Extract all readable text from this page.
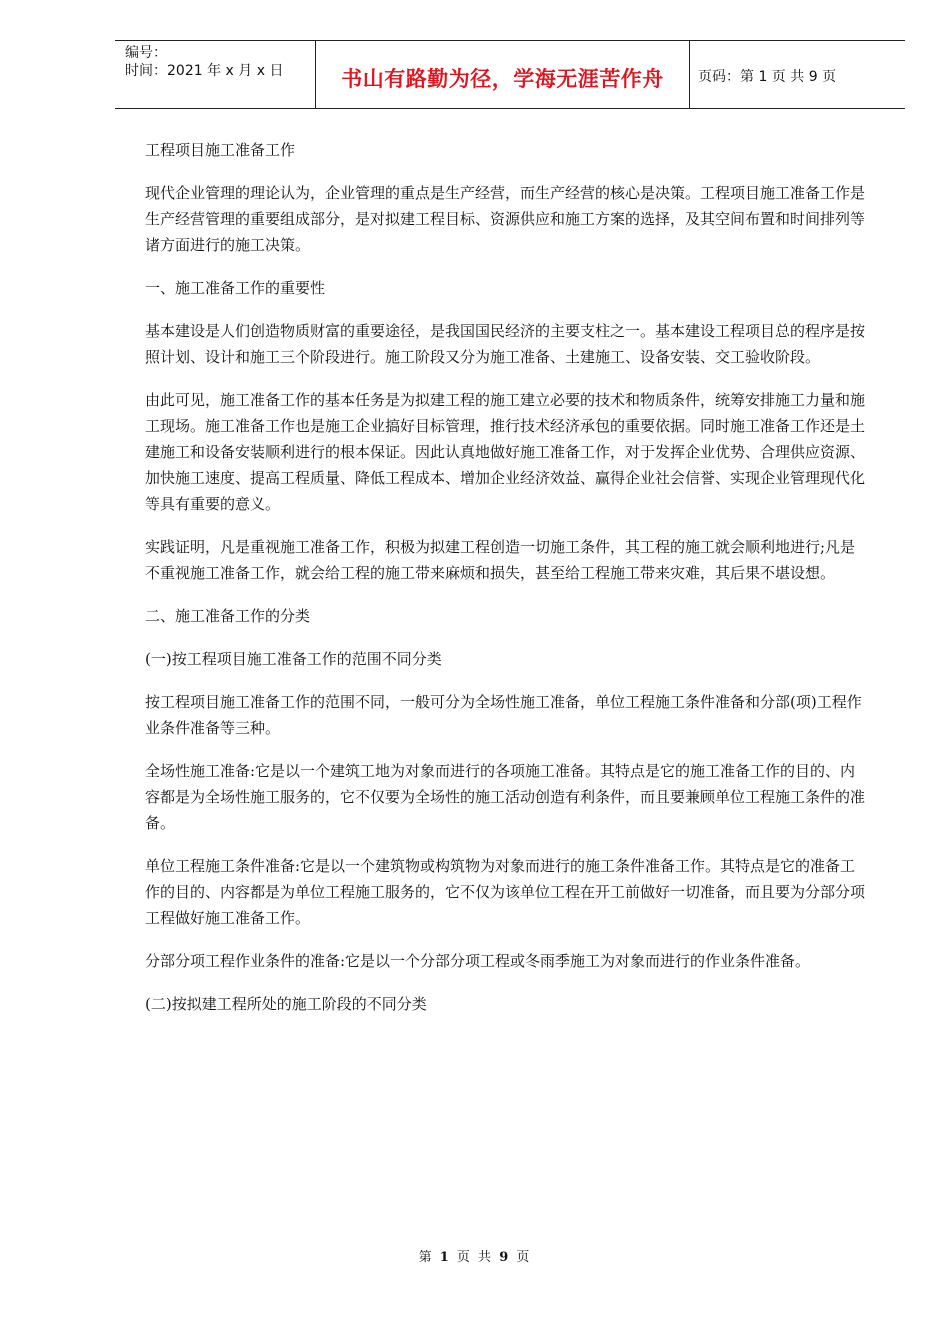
编号：
时间：2021 年 x 月 x 日	书山有路勤为径，学海无涯苦作舟	页码：第 1 页 共 9 页

工程项目施工准备工作

现代企业管理的理论认为，企业管理的重点是生产经营，而生产经营的核心是决策。工程项目施工准备工作是生产经营管理的重要组成部分，是对拟建工程目标、资源供应和施工方案的选择，及其空间布置和时间排列等诸方面进行的施工决策。

一、施工准备工作的重要性

基本建设是人们创造物质财富的重要途径，是我国国民经济的主要支柱之一。基本建设工程项目总的程序是按照计划、设计和施工三个阶段进行。施工阶段又分为施工准备、土建施工、设备安装、交工验收阶段。

由此可见，施工准备工作的基本任务是为拟建工程的施工建立必要的技术和物质条件，统筹安排施工力量和施工现场。施工准备工作也是施工企业搞好目标管理，推行技术经济承包的重要依据。同时施工准备工作还是土建施工和设备安装顺利进行的根本保证。因此认真地做好施工准备工作，对于发挥企业优势、合理供应资源、加快施工速度、提高工程质量、降低工程成本、增加企业经济效益、赢得企业社会信誉、实现企业管理现代化等具有重要的意义。

实践证明，凡是重视施工准备工作，积极为拟建工程创造一切施工条件，其工程的施工就会顺利地进行;凡是不重视施工准备工作，就会给工程的施工带来麻烦和损失，甚至给工程施工带来灾难，其后果不堪设想。

二、施工准备工作的分类

(一)按工程项目施工准备工作的范围不同分类

按工程项目施工准备工作的范围不同，一般可分为全场性施工准备，单位工程施工条件准备和分部(项)工程作业条件准备等三种。

全场性施工准备:它是以一个建筑工地为对象而进行的各项施工准备。其特点是它的施工准备工作的目的、内容都是为全场性施工服务的，它不仅要为全场性的施工活动创造有利条件，而且要兼顾单位工程施工条件的准备。

单位工程施工条件准备:它是以一个建筑物或构筑物为对象而进行的施工条件准备工作。其特点是它的准备工作的目的、内容都是为单位工程施工服务的，它不仅为该单位工程在开工前做好一切准备，而且要为分部分项工程做好施工准备工作。

分部分项工程作业条件的准备:它是以一个分部分项工程或冬雨季施工为对象而进行的作业条件准备。

(二)按拟建工程所处的施工阶段的不同分类

第 1 页 共 9 页
